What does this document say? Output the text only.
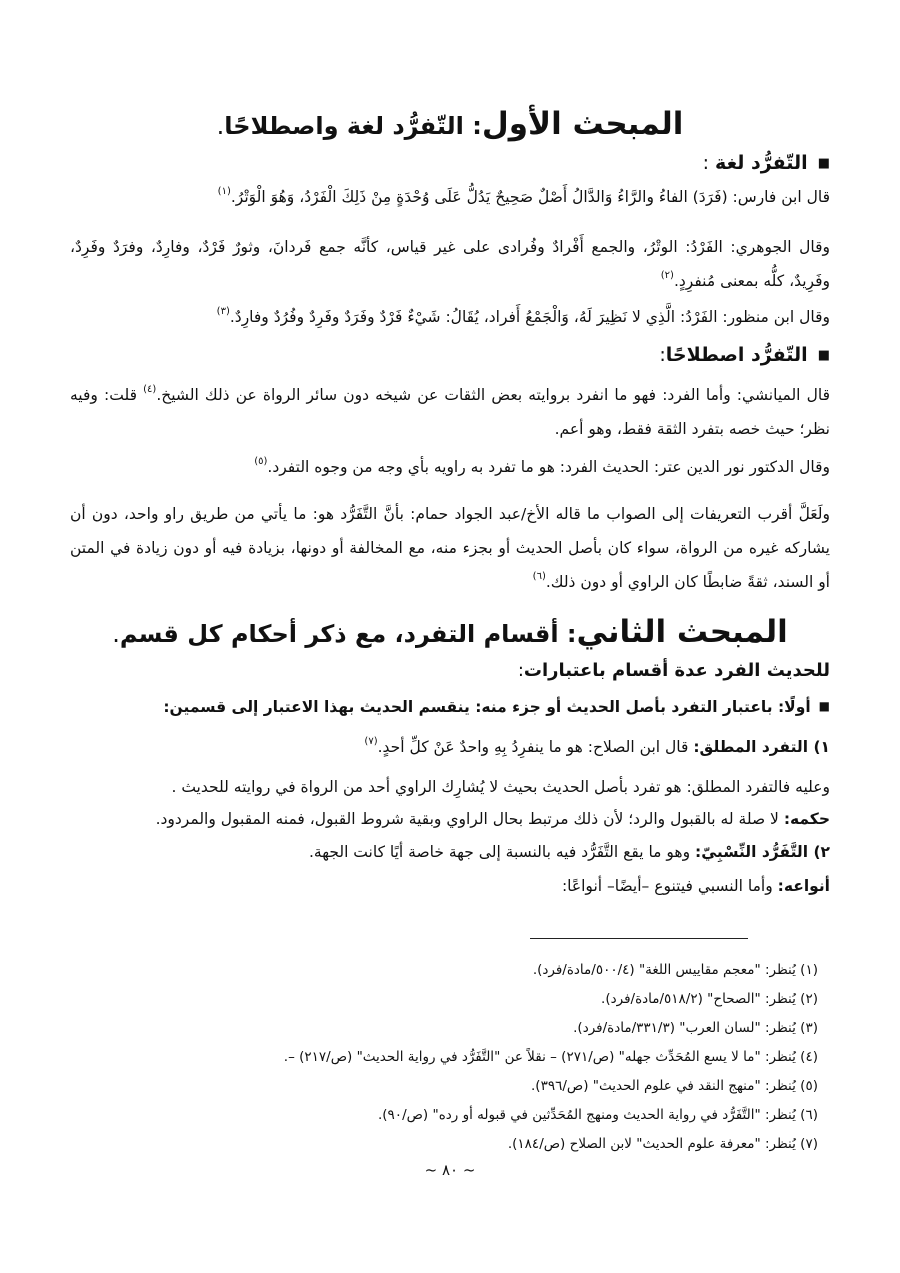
المبحث الأول: التّفرُّد لغة واصطلاحًا.
■التّفرُّد لغة :

قال ابن فارس: (فَرَدَ) الفاءُ والرَّاءُ وَالدَّالُ أَصْلٌ صَحِيحٌ يَدُلُّ عَلَى وُحْدَةٍ مِنْ ذَلِكَ الْفَرْدُ، وَهُوَ الْوَتْرُ.$^{(١)}$

وقال الجوهري: الفَرْدُ: الوتْرُ، والجمع أَفْرادٌ وفُرادى على غير قياس، كأنَّه جمع فَردانَ، وثورٌ فَرْدٌ، وفارِدٌ، وفرَدٌ وفَرِدٌ، وفَرِيدٌ، كلُّه بمعنى مُنفرِدٍ.$^{(٢)}$

وقال ابن منظور: الفَرْدُ: الَّذِي لا نَظِيرَ لَهُ، وَالْجَمْعُ أَفراد، يُقَالُ: شَيْءٌ فَرْدٌ وفَرَدٌ وفَرِدٌ وفُرُدٌ وفارِدٌ.$^{(٣)}$

■التّفرُّد اصطلاحًا:

قال الميانشي: وأما الفرد: فهو ما انفرد بروايته بعض الثقات عن شيخه دون سائر الرواة عن ذلك الشيخ.$^{(٤)}$ قلت: وفيه نظر؛ حيث خصه بتفرد الثقة فقط، وهو أعم.

وقال الدكتور نور الدين عتر: الحديث الفرد: هو ما تفرد به راويه بأي وجه من وجوه التفرد.$^{(٥)}$

ولَعَلَّ أقرب التعريفات إلى الصواب ما قاله الأخ/عبد الجواد حمام: بأنَّ التَّفَرُّد هو: ما يأتي من طريق راو واحد، دون أن يشاركه غيره من الرواة، سواء كان بأصل الحديث أو بجزء منه، مع المخالفة أو دونها، بزيادة فيه أو دون زيادة في المتن أو السند، ثقةً ضابطًا كان الراوي أو دون ذلك.$^{(٦)}$

المبحث الثاني: أقسام التفرد، مع ذكر أحكام كل قسم.
للحديث الفرد عدة أقسام باعتبارات:
■أولًا: باعتبار التفرد بأصل الحديث أو جزء منه: ينقسم الحديث بهذا الاعتبار إلى قسمين:

١) التفرد المطلق: قال ابن الصلاح: هو ما ينفرِدُ بِهِ واحدٌ عَنْ كلِّ أحدٍ.$^{(٧)}$

وعليه فالتفرد المطلق: هو تفرد بأصل الحديث بحيث لا يُشارِك الراوي أحد من الرواة في روايته للحديث .

حكمه: لا صلة له بالقبول والرد؛ لأن ذلك مرتبط بحال الراوي وبقية شروط القبول، فمنه المقبول والمردود.

٢) التَّفَرُّد النِّسْبِيّ: وهو ما يقع التَّفَرُّد فيه بالنسبة إلى جهة خاصة أيًا كانت الجهة.

أنواعه: وأما النسبي فيتنوع –أيضًا– أنواعًا:

(١) يُنظر: "معجم مقاييس اللغة" (٥٠٠/٤/مادة/فرد).
(٢) يُنظر: "الصحاح" (٥١٨/٢/مادة/فرد).
(٣) يُنظر: "لسان العرب" (٣٣١/٣/مادة/فرد).
(٤) يُنظر: "ما لا يسع المُحَدِّث جهله" (ص/٢٧١) – نقلاً عن "التَّفَرُّد في رواية الحديث" (ص/٢١٧) –.
(٥) يُنظر: "منهج النقد في علوم الحديث" (ص/٣٩٦).
(٦) يُنظر: "التَّفَرُّد في رواية الحديث ومنهج المُحَدِّثين في قبوله أو رده" (ص/٩٠).
(٧) يُنظر: "معرفة علوم الحديث" لابن الصلاح (ص/١٨٤).
~ ٨٠ ~
